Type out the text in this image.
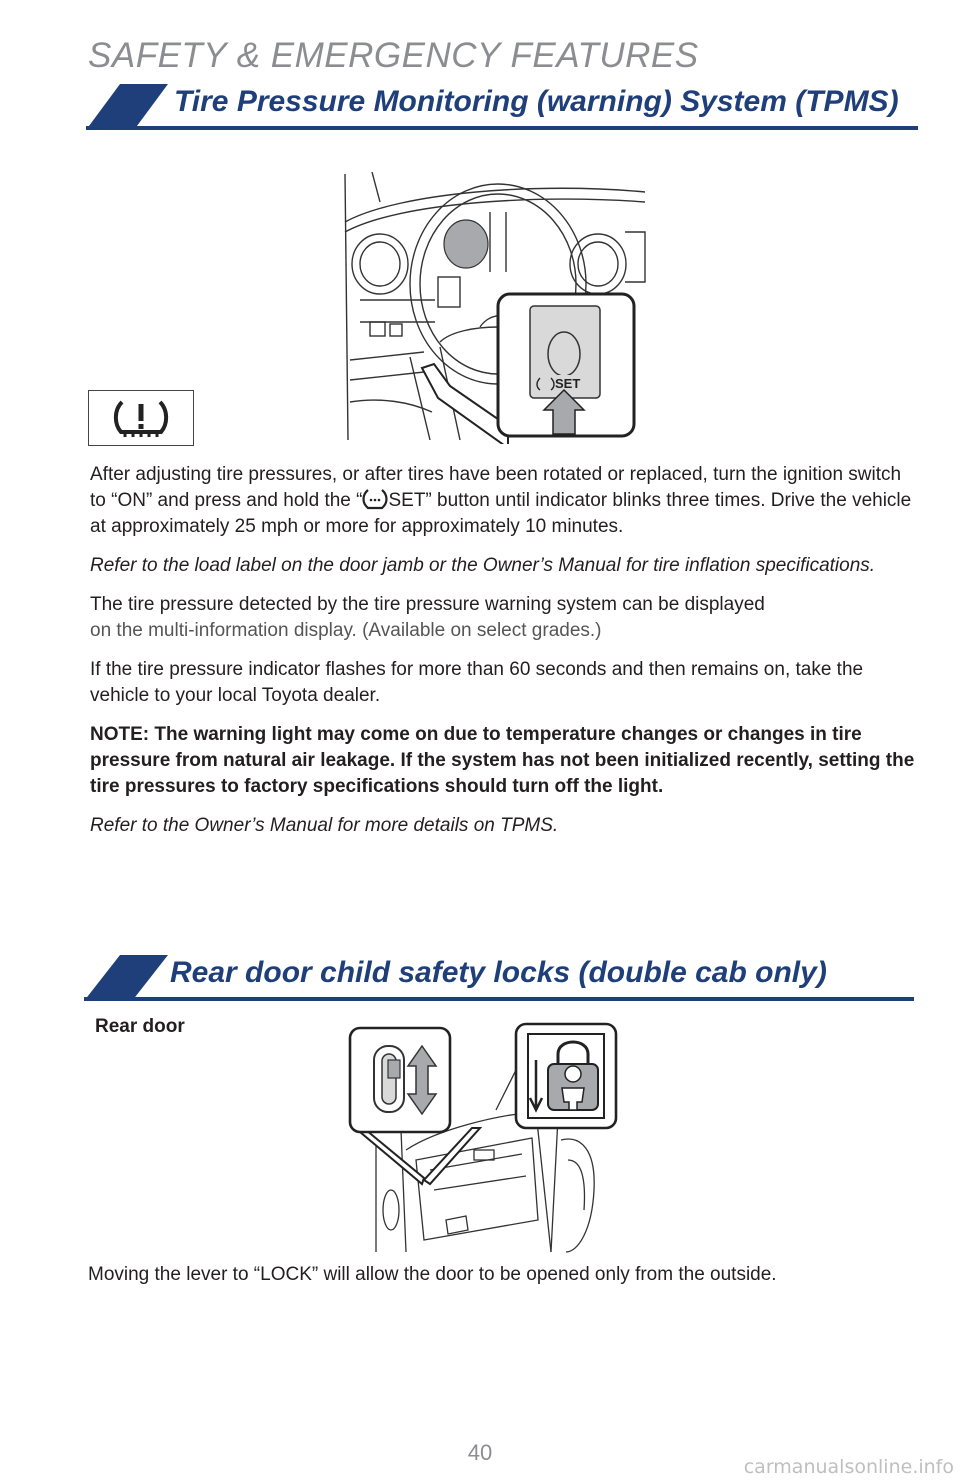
SAFETY & EMERGENCY FEATURES
Tire Pressure Monitoring (warning) System (TPMS)
SET

After adjusting tire pressures, or after tires have been rotated or replaced, turn the ignition switch to “ON” and press and hold the “ SET” button until indicator blinks three times. Drive the vehicle at approximately 25 mph or more for approximately 10 minutes.

Refer to the load label on the door jamb or the Owner’s Manual for tire inflation specifications.

The tire pressure detected by the tire pressure warning system can be displayed
on the multi-information display. (Available on select grades.)

If the tire pressure indicator flashes for more than 60 seconds and then remains on, take the vehicle to your local Toyota dealer.

NOTE: The warning light may come on due to temperature changes or changes in tire pressure from natural air leakage. If the system has not been initialized recently, setting the tire pressures to factory specifications should turn off the light.

Refer to the Owner’s Manual for more details on TPMS.

Rear door child safety locks (double cab only)
Rear door
Moving the lever to “LOCK” will allow the door to be opened only from the outside.
40
carmanualsonline.info
